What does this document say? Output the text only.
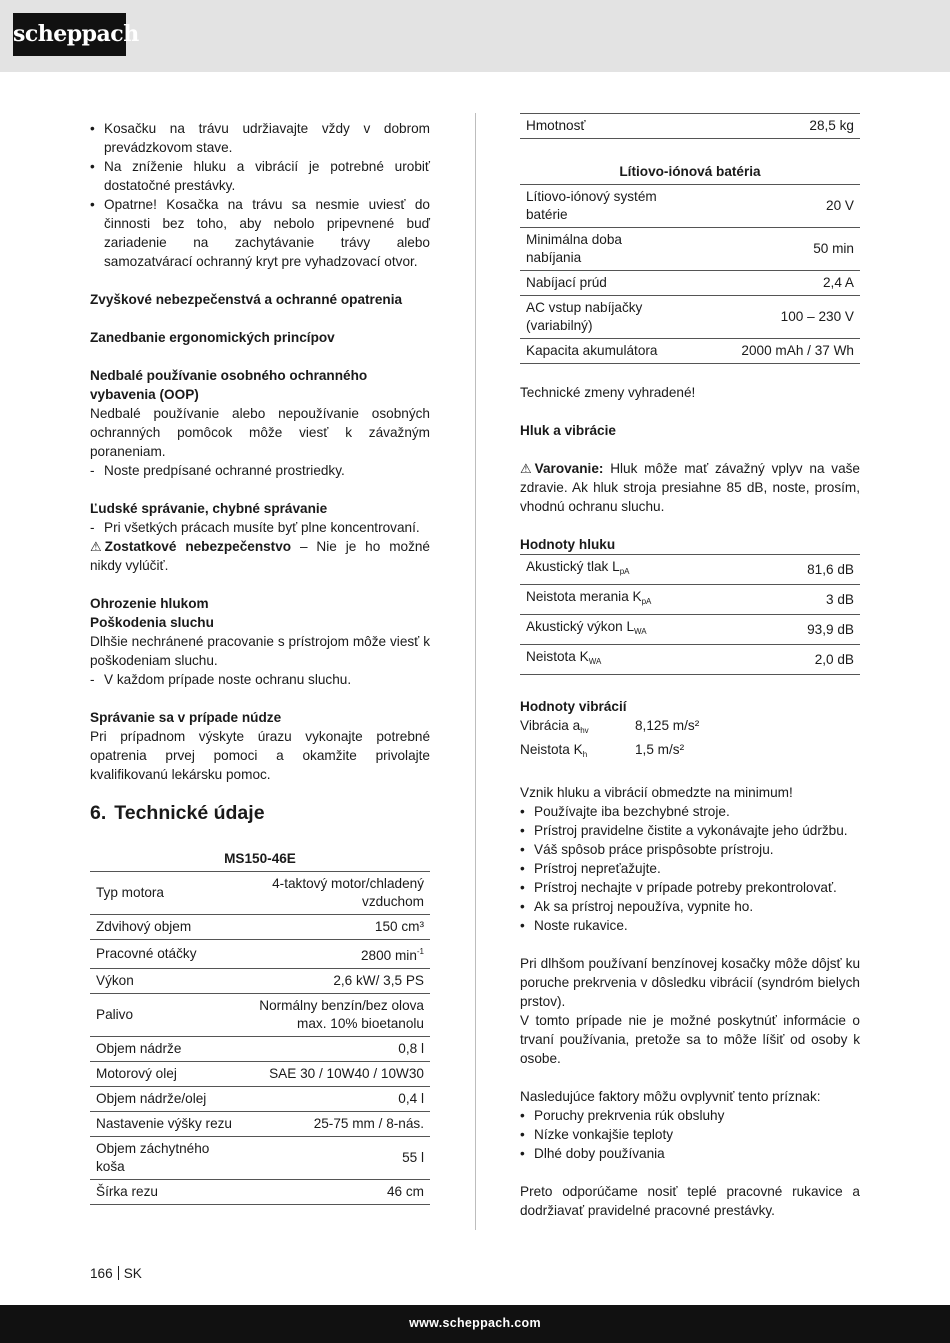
scheppach
• Kosačku na trávu udržiavajte vždy v dobrom prevádzkovom stave.
• Na zníženie hluku a vibrácií je potrebné urobiť dostatočné prestávky.
• Opatrne! Kosačka na trávu sa nesmie uviesť do činnosti bez toho, aby nebolo pripevnené buď zariadenie na zachytávanie trávy alebo samozatvárací ochranný kryt pre vyhadzovací otvor.

Zvyškové nebezpečenstvá a ochranné opatrenia

Zanedbanie ergonomických princípov

Nedbalé používanie osobného ochranného vybavenia (OOP)

Nedbalé používanie alebo nepoužívanie osobných ochranných pomôcok môže viesť k závažným poraneniam.

- Noste predpísané ochranné prostriedky.

Ľudské správanie, chybné správanie

- Pri všetkých prácach musíte byť plne koncentrovaní.

⚠ Zostatkové nebezpečenstvo – Nie je ho možné nikdy vylúčiť.

Ohrozenie hlukom

Poškodenia sluchu

Dlhšie nechránené pracovanie s prístrojom môže viesť k poškodeniam sluchu.

- V každom prípade noste ochranu sluchu.

Správanie sa v prípade núdze

Pri prípadnom výskyte úrazu vykonajte potrebné opatrenia prvej pomoci a okamžite privolajte kvalifikovanú lekársku pomoc.

6. Technické údaje
MS150-46E	
Typ motora	4-taktový motor/chladený vzduchom
Zdvihový objem	150 cm³
Pracovné otáčky	2800 $\min^{-1}$
Výkon	2,6 kW/ 3,5 PS
Palivo	Normálny benzín/bez olova max. 10% bioetanolu
Objem nádrže	0,8 l
Motorový olej	SAE 30 / 10W40 / 10W30
Objem nádrže/olej	0,4 l
Nastavenie výšky rezu	25-75 mm / 8-nás.
Objem záchytného koša	55 l
Šírka rezu	46 cm
Hmotnosť	28,5 kg
Lítiovo-iónová batéria	
Lítiovo-iónový systém batérie	20 V
Minimálna doba nabíjania	50 min
Nabíjací prúd	2,4 A
AC vstup nabíjačky (variabilný)	100 – 230 V
Kapacita akumulátora	2000 mAh / 37 Wh

Technické zmeny vyhradené!

Hluk a vibrácie

⚠ Varovanie: Hluk môže mať závažný vplyv na vaše zdravie. Ak hluk stroja presiahne 85 dB, noste, prosím, vhodnú ochranu sluchu.

Hodnoty hluku

Akustický tlak $L_{pA}$	81,6 dB
Neistota merania $K_{pA}$	3 dB
Akustický výkon $L_{WA}$	93,9 dB
Neistota $K_{WA}$	2,0 dB

Hodnoty vibrácií

Vibrácia $a_{hv}$	8,125 m/s²
Neistota $K_h$	1,5 m/s²

Vznik hluku a vibrácií obmedzte na minimum!

• Používajte iba bezchybné stroje.
• Prístroj pravidelne čistite a vykonávajte jeho údržbu.
• Váš spôsob práce prispôsobte prístroju.
• Prístroj nepreťažujte.
• Prístroj nechajte v prípade potreby prekontrolovať.
• Ak sa prístroj nepoužíva, vypnite ho.
• Noste rukavice.

Pri dlhšom používaní benzínovej kosačky môže dôjsť ku poruche prekrvenia v dôsledku vibrácií (syndróm bielych prstov).

V tomto prípade nie je možné poskytnúť informácie o trvaní používania, pretože sa to môže líšiť od osoby k osobe.

Nasledujúce faktory môžu ovplyvniť tento príznak:

• Poruchy prekrvenia rúk obsluhy
• Nízke vonkajšie teploty
• Dlhé doby používania

Preto odporúčame nosiť teplé pracovné rukavice a dodržiavať pravidelné pracovné prestávky.

166 SK
www.scheppach.com
